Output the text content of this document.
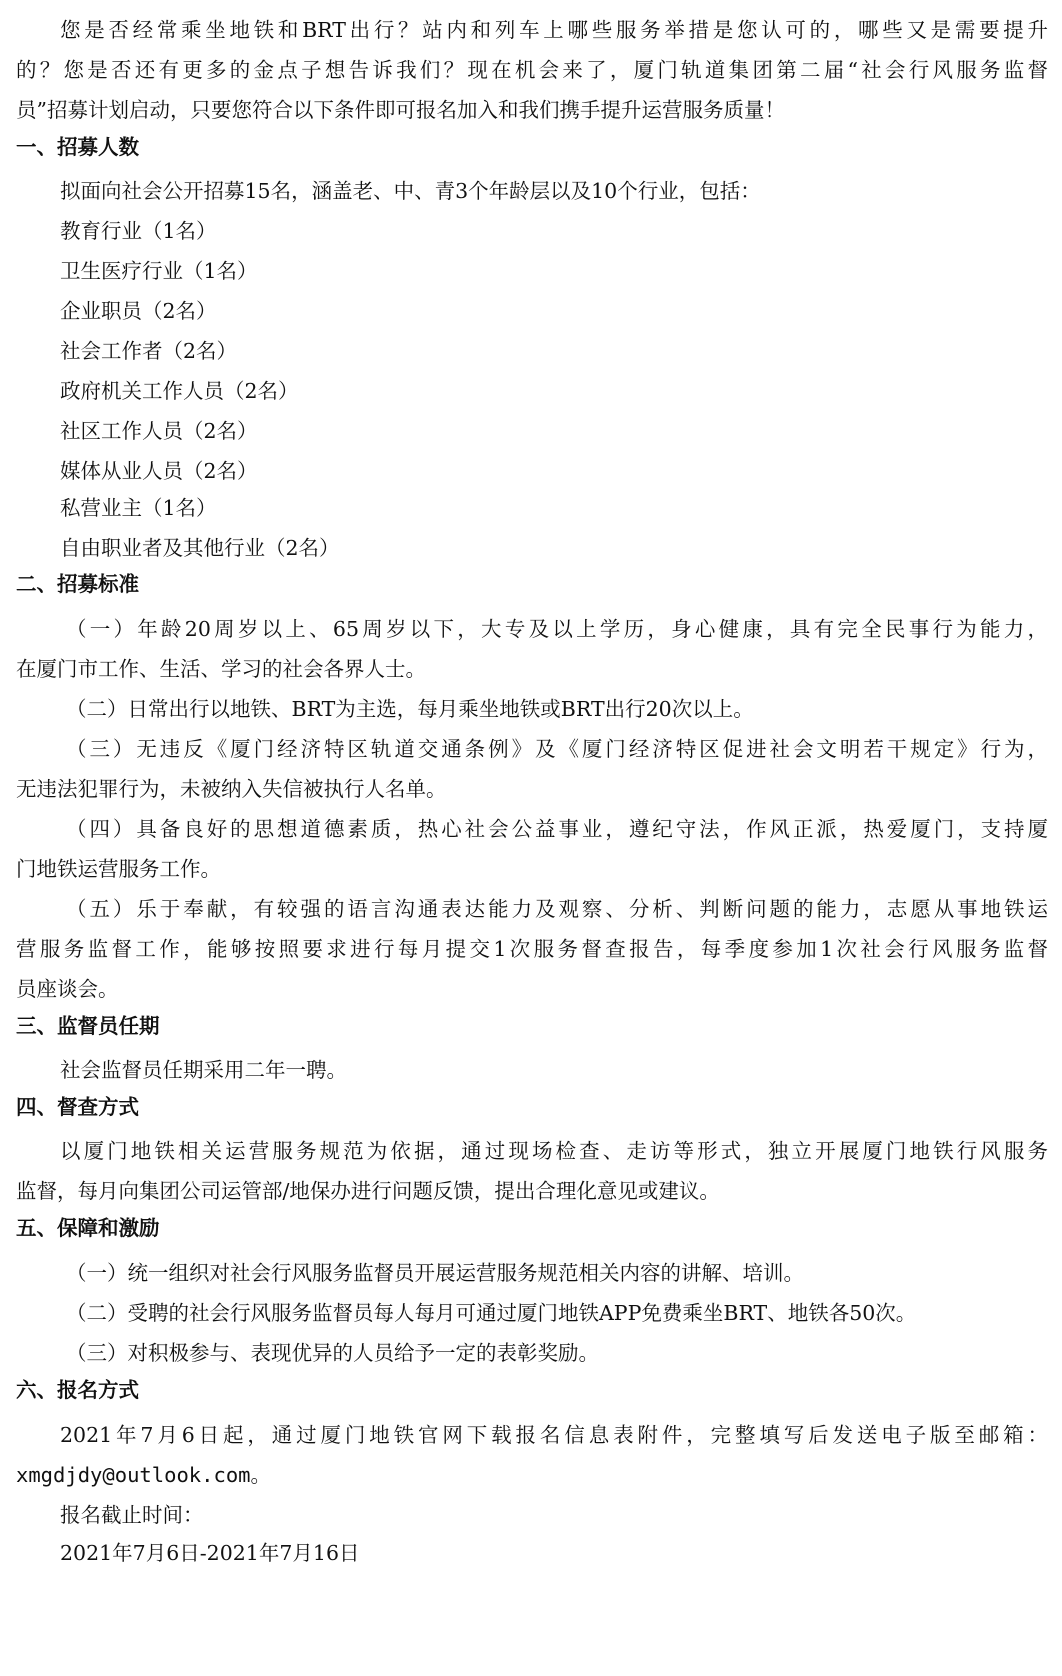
您是否经常乘坐地铁和BRT出行？站内和列车上哪些服务举措是您认可的，哪些又是需要提升
的？您是否还有更多的金点子想告诉我们？现在机会来了，厦门轨道集团第二届“社会行风服务监督
员”招募计划启动，只要您符合以下条件即可报名加入和我们携手提升运营服务质量！
一、招募人数
拟面向社会公开招募15名，涵盖老、中、青3个年龄层以及10个行业，包括：
教育行业（1名）
卫生医疗行业（1名）
企业职员（2名）
社会工作者（2名）
政府机关工作人员（2名）
社区工作人员（2名）
媒体从业人员（2名）
私营业主（1名）
自由职业者及其他行业（2名）
二、招募标准
（一）年龄20周岁以上、65周岁以下，大专及以上学历，身心健康，具有完全民事行为能力，
在厦门市工作、生活、学习的社会各界人士。
（二）日常出行以地铁、BRT为主选，每月乘坐地铁或BRT出行20次以上。
（三）无违反《厦门经济特区轨道交通条例》及《厦门经济特区促进社会文明若干规定》行为，
无违法犯罪行为，未被纳入失信被执行人名单。
（四）具备良好的思想道德素质，热心社会公益事业，遵纪守法，作风正派，热爱厦门，支持厦
门地铁运营服务工作。
（五）乐于奉献，有较强的语言沟通表达能力及观察、分析、判断问题的能力，志愿从事地铁运
营服务监督工作，能够按照要求进行每月提交1次服务督查报告，每季度参加1次社会行风服务监督
员座谈会。
三、监督员任期
社会监督员任期采用二年一聘。
四、督查方式
以厦门地铁相关运营服务规范为依据，通过现场检查、走访等形式，独立开展厦门地铁行风服务
监督，每月向集团公司运管部/地保办进行问题反馈，提出合理化意见或建议。
五、保障和激励
（一）统一组织对社会行风服务监督员开展运营服务规范相关内容的讲解、培训。
（二）受聘的社会行风服务监督员每人每月可通过厦门地铁APP免费乘坐BRT、地铁各50次。
（三）对积极参与、表现优异的人员给予一定的表彰奖励。
六、报名方式
2021年7月6日起，通过厦门地铁官网下载报名信息表附件，完整填写后发送电子版至邮箱：
xmgdjdy@outlook.com。
报名截止时间：
2021年7月6日-2021年7月16日
